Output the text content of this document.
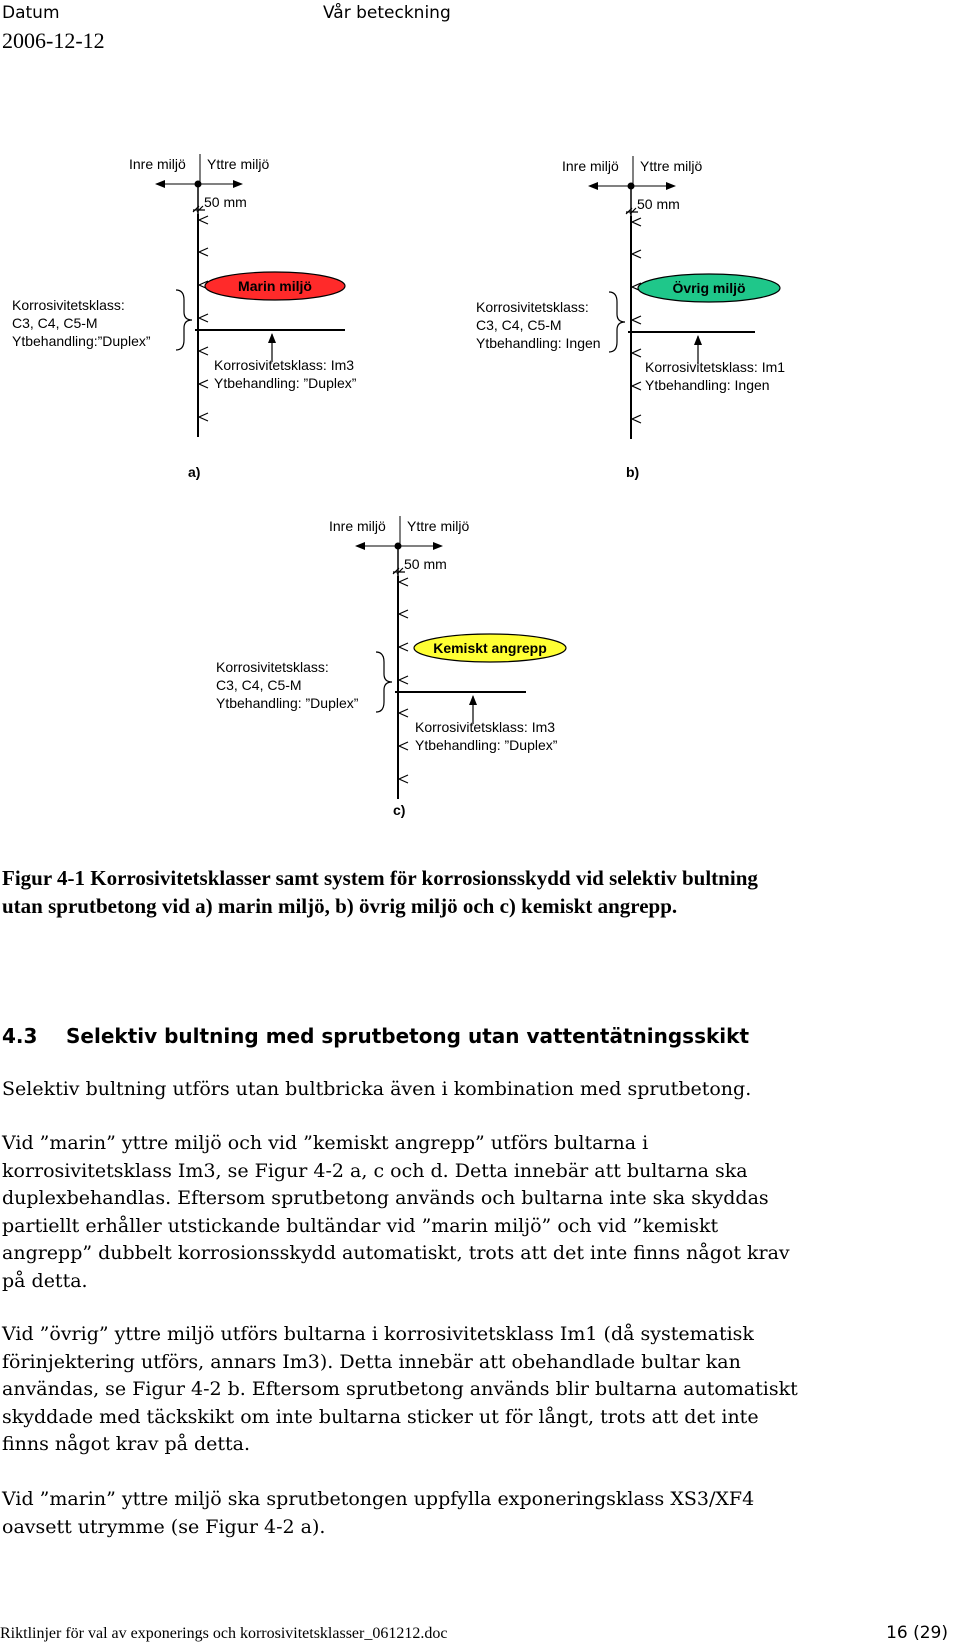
Datum	Vår beteckning
2006-12-12
Inre miljö Yttre miljö
50 mm
Marin miljö
Korrosivitetsklass:
C3, C4, C5-M
Ytbehandling:”Duplex”
Korrosivitetsklass: Im3
Ytbehandling: ”Duplex”
a)
Inre miljö Yttre miljö
50 mm
Övrig miljö
Korrosivitetsklass:
C3, C4, C5-M
Ytbehandling: Ingen
Korrosivitetsklass: Im1
Ytbehandling: Ingen
b)
Inre miljö Yttre miljö
50 mm
Kemiskt angrepp
Korrosivitetsklass:
C3, C4, C5-M
Ytbehandling: ”Duplex”
Korrosivitetsklass: Im3
Ytbehandling: ”Duplex”
c)
Figur 4-1 Korrosivitetsklasser samt system för korrosionsskydd vid selektiv bultning utan sprutbetong vid a) marin miljö, b) övrig miljö och c) kemiskt angrepp.
4.3 Selektiv bultning med sprutbetong utan vattentätningsskikt

Selektiv bultning utförs utan bultbricka även i kombination med sprutbetong.

Vid ”marin” yttre miljö och vid ”kemiskt angrepp” utförs bultarna i korrosivitetsklass Im3, se Figur 4-2 a, c och d. Detta innebär att bultarna ska duplexbehandlas. Eftersom sprutbetong används och bultarna inte ska skyddas partiellt erhåller utstickande bultändar vid ”marin miljö” och vid ”kemiskt angrepp” dubbelt korrosionsskydd automatiskt, trots att det inte finns något krav på detta.

Vid ”övrig” yttre miljö utförs bultarna i korrosivitetsklass Im1 (då systematisk förinjektering utförs, annars Im3). Detta innebär att obehandlade bultar kan användas, se Figur 4-2 b. Eftersom sprutbetong används blir bultarna automatiskt skyddade med täckskikt om inte bultarna sticker ut för långt, trots att det inte finns något krav på detta.

Vid ”marin” yttre miljö ska sprutbetongen uppfylla exponeringsklass XS3/XF4 oavsett utrymme (se Figur 4-2 a).

Riktlinjer för val av exponerings och korrosivitetsklasser_061212.doc	16 (29)
